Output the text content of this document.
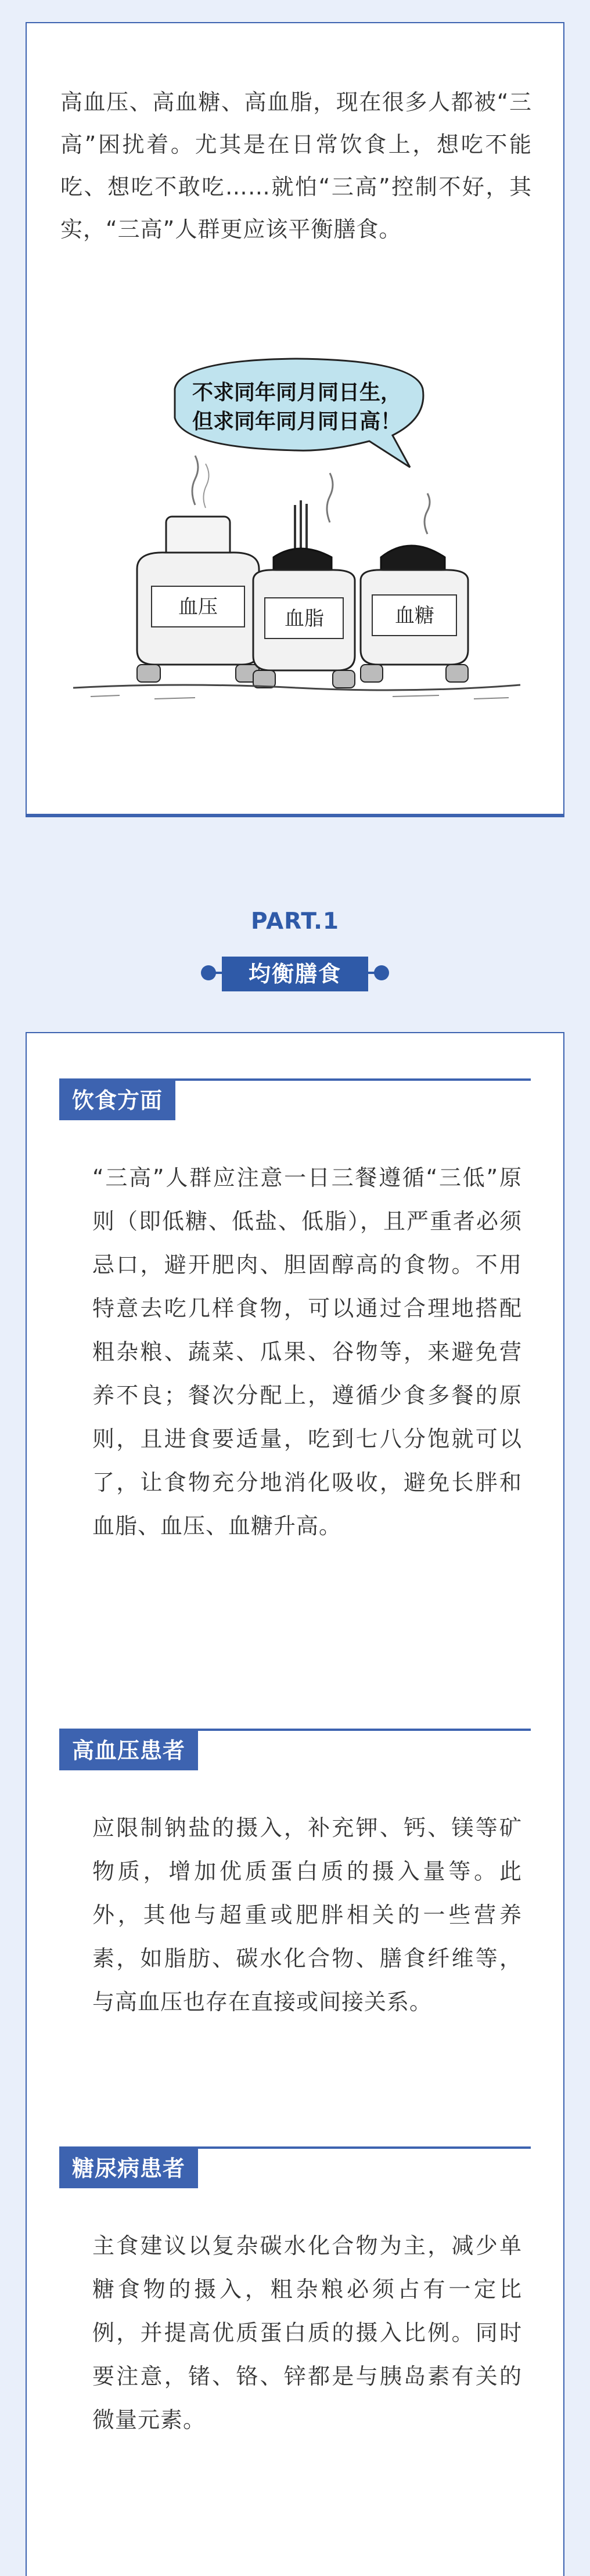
高血压、高血糖、高血脂，现在很多人都被“三高”困扰着。尤其是在日常饮食上，想吃不能吃、想吃不敢吃……就怕“三高”控制不好，其实，“三高”人群更应该平衡膳食。

不求同年同月同日生，
但求同年同月同日高！
血压	血脂	血糖
PART.1
均衡膳食
饮食方面

“三高”人群应注意一日三餐遵循“三低”原则（即低糖、低盐、低脂），且严重者必须忌口，避开肥肉、胆固醇高的食物。不用特意去吃几样食物，可以通过合理地搭配粗杂粮、蔬菜、瓜果、谷物等，来避免营养不良；餐次分配上，遵循少食多餐的原则，且进食要适量，吃到七八分饱就可以了，让食物充分地消化吸收，避免长胖和血脂、血压、血糖升高。

高血压患者

应限制钠盐的摄入，补充钾、钙、镁等矿物质，增加优质蛋白质的摄入量等。此外，其他与超重或肥胖相关的一些营养素，如脂肪、碳水化合物、膳食纤维等，与高血压也存在直接或间接关系。

糖尿病患者

主食建议以复杂碳水化合物为主，减少单糖食物的摄入，粗杂粮必须占有一定比例，并提高优质蛋白质的摄入比例。同时要注意，锗、铬、锌都是与胰岛素有关的微量元素。
